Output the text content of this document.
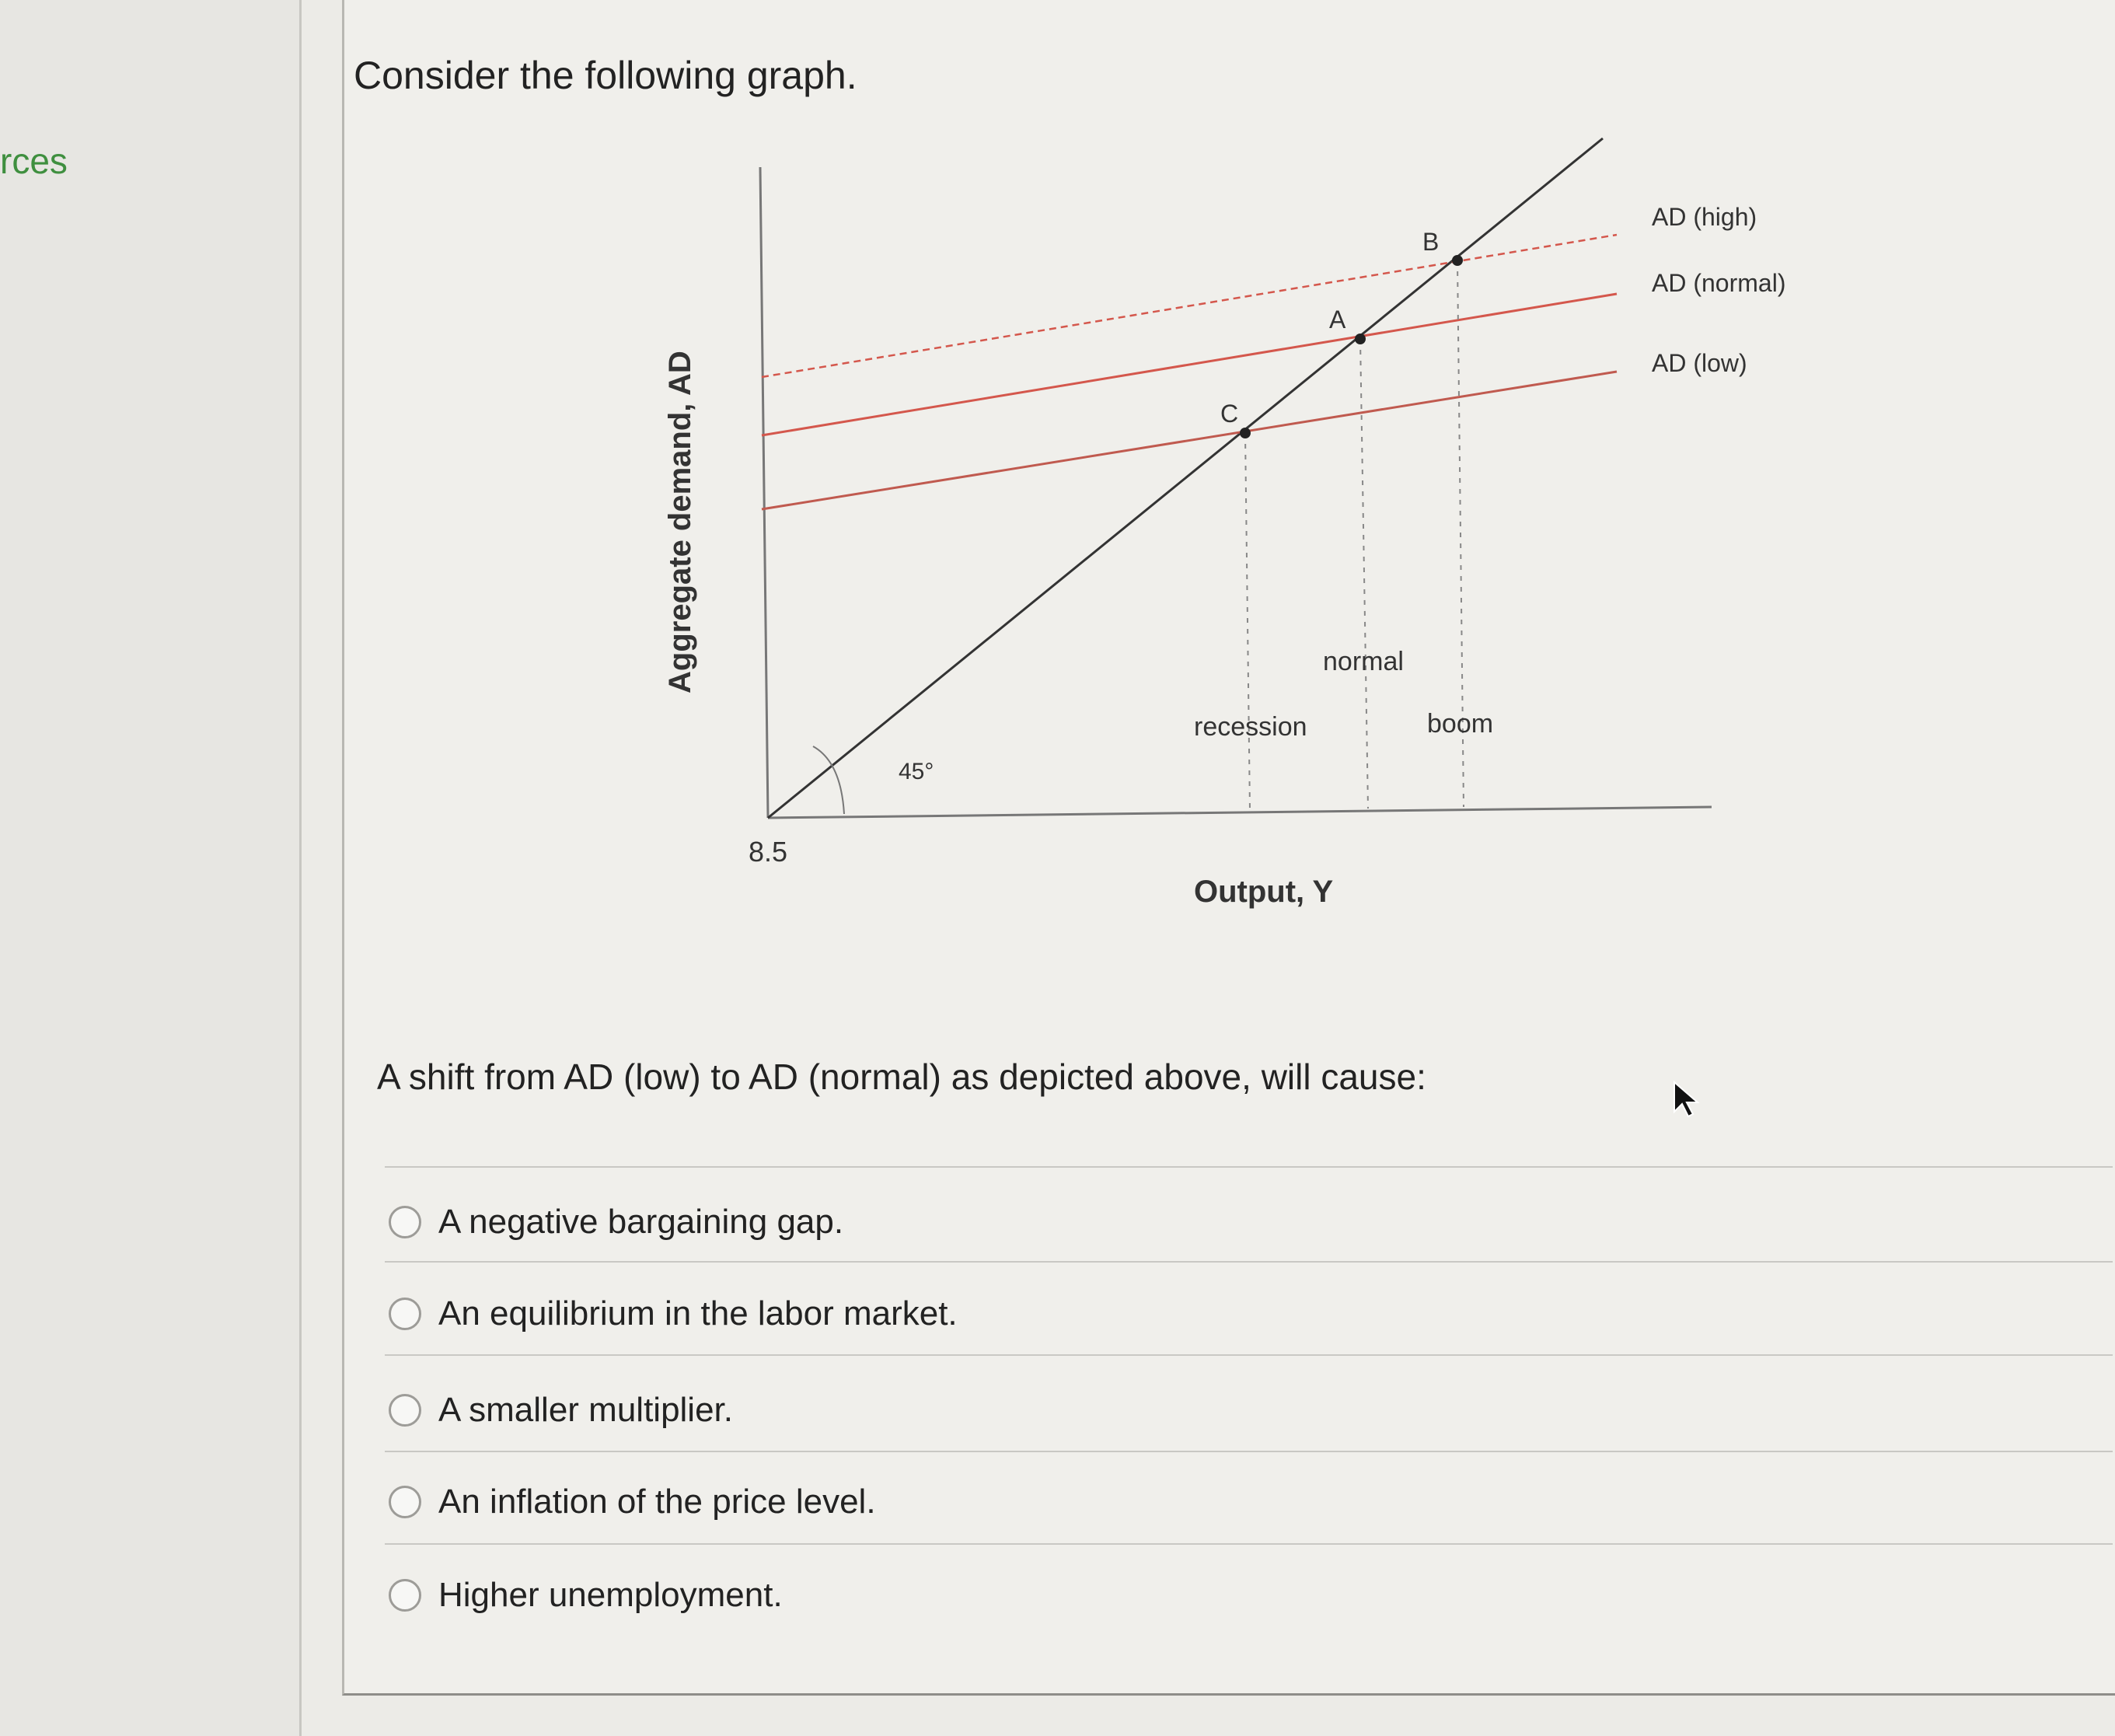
rces
Consider the following graph.
C
A
B
AD (high)
AD (normal)
AD (low)
recession
normal
boom
45°
8.5
Output, Y
Aggregate demand, AD
A shift from AD (low) to AD (normal) as depicted above, will cause:
A negative bargaining gap.
An equilibrium in the labor market.
A smaller multiplier.
An inflation of the price level.
Higher unemployment.
